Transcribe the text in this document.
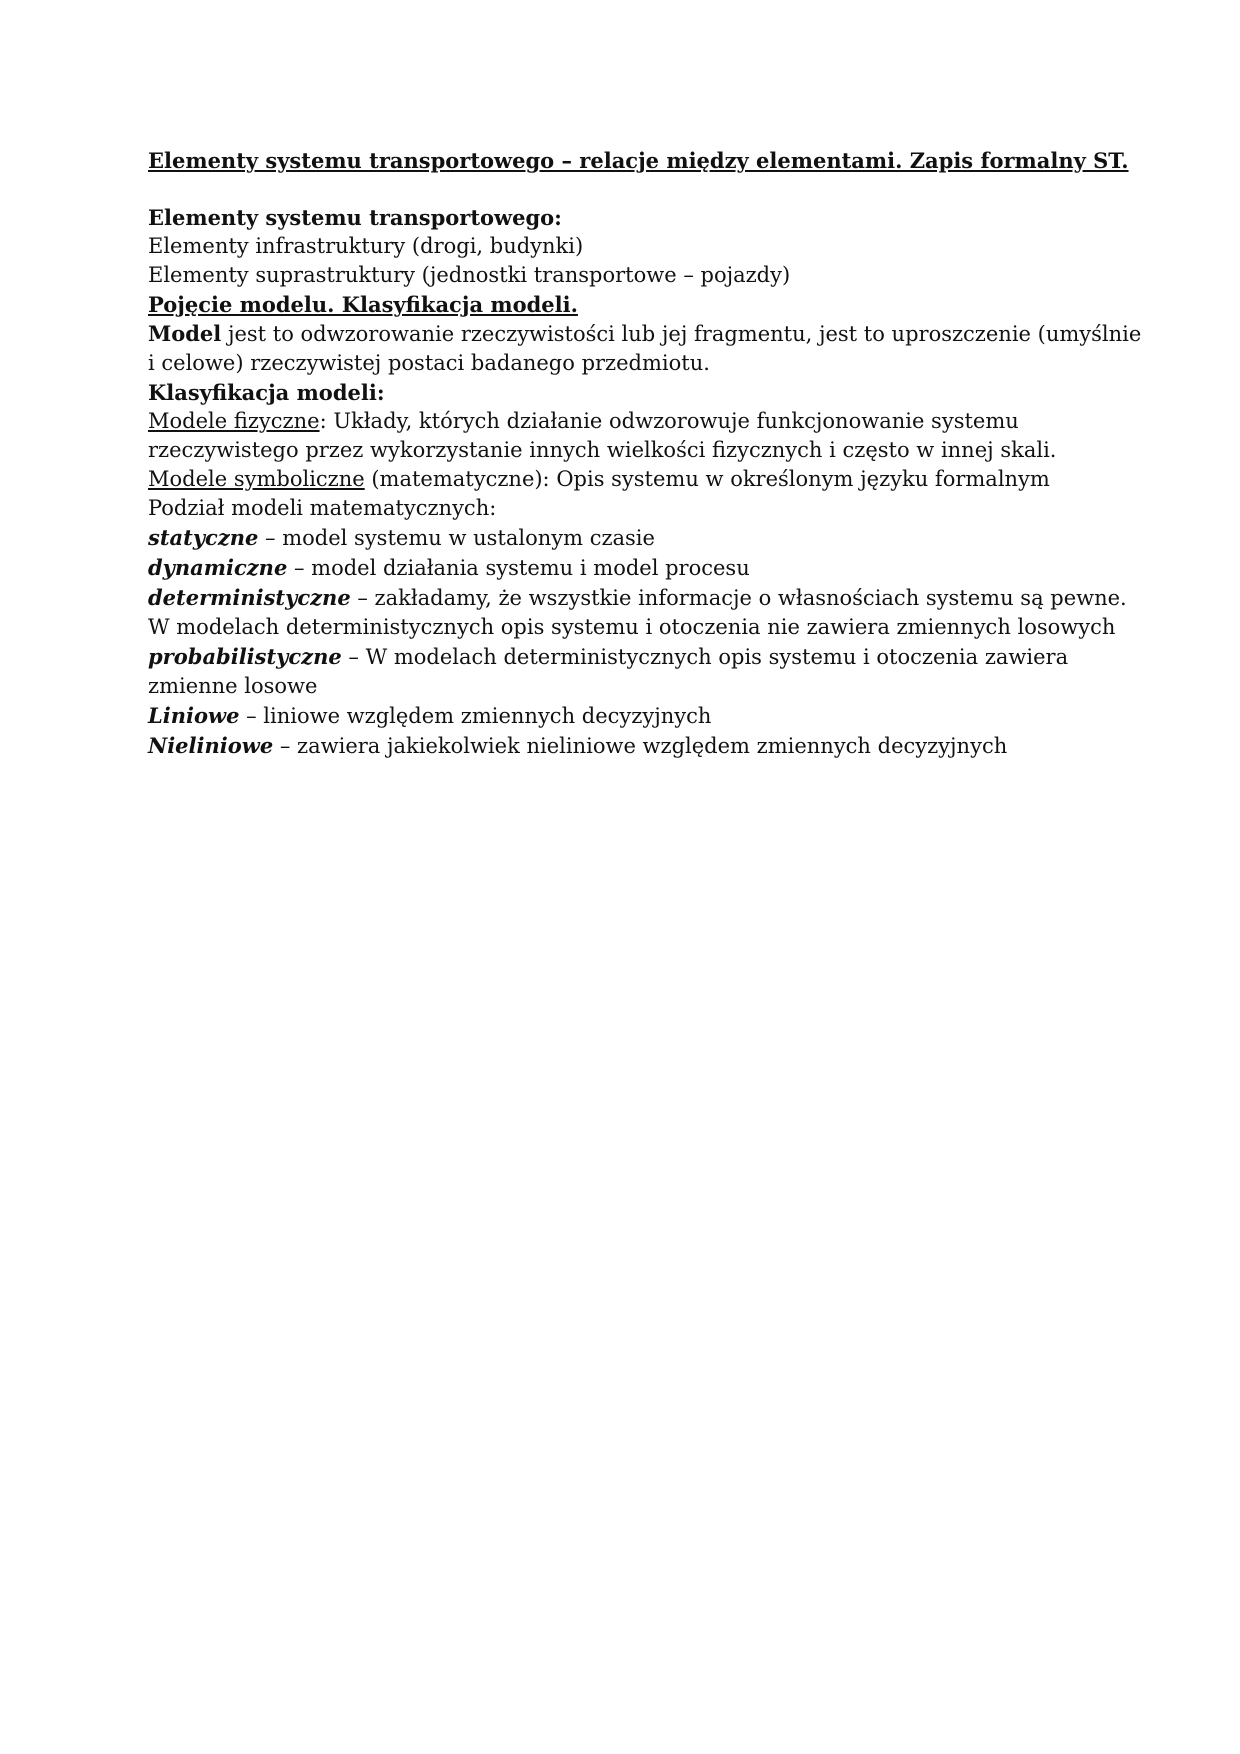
Elementy systemu transportowego – relacje między elementami. Zapis formalny ST.

Elementy systemu transportowego:

Elementy infrastruktury (drogi, budynki)

Elementy suprastruktury (jednostki transportowe – pojazdy)

Pojęcie modelu. Klasyfikacja modeli.

Model jest to odwzorowanie rzeczywistości lub jej fragmentu, jest to uproszczenie (umyślnie

i celowe) rzeczywistej postaci badanego przedmiotu.

Klasyfikacja modeli:

Modele fizyczne: Układy, których działanie odwzorowuje funkcjonowanie systemu

rzeczywistego przez wykorzystanie innych wielkości fizycznych i często w innej skali.

Modele symboliczne (matematyczne): Opis systemu w określonym języku formalnym

Podział modeli matematycznych:

statyczne – model systemu w ustalonym czasie

dynamiczne – model działania systemu i model procesu

deterministyczne – zakładamy, że wszystkie informacje o własnościach systemu są pewne.

W modelach deterministycznych opis systemu i otoczenia nie zawiera zmiennych losowych

probabilistyczne – W modelach deterministycznych opis systemu i otoczenia zawiera

zmienne losowe

Liniowe – liniowe względem zmiennych decyzyjnych

Nieliniowe – zawiera jakiekolwiek nieliniowe względem zmiennych decyzyjnych
